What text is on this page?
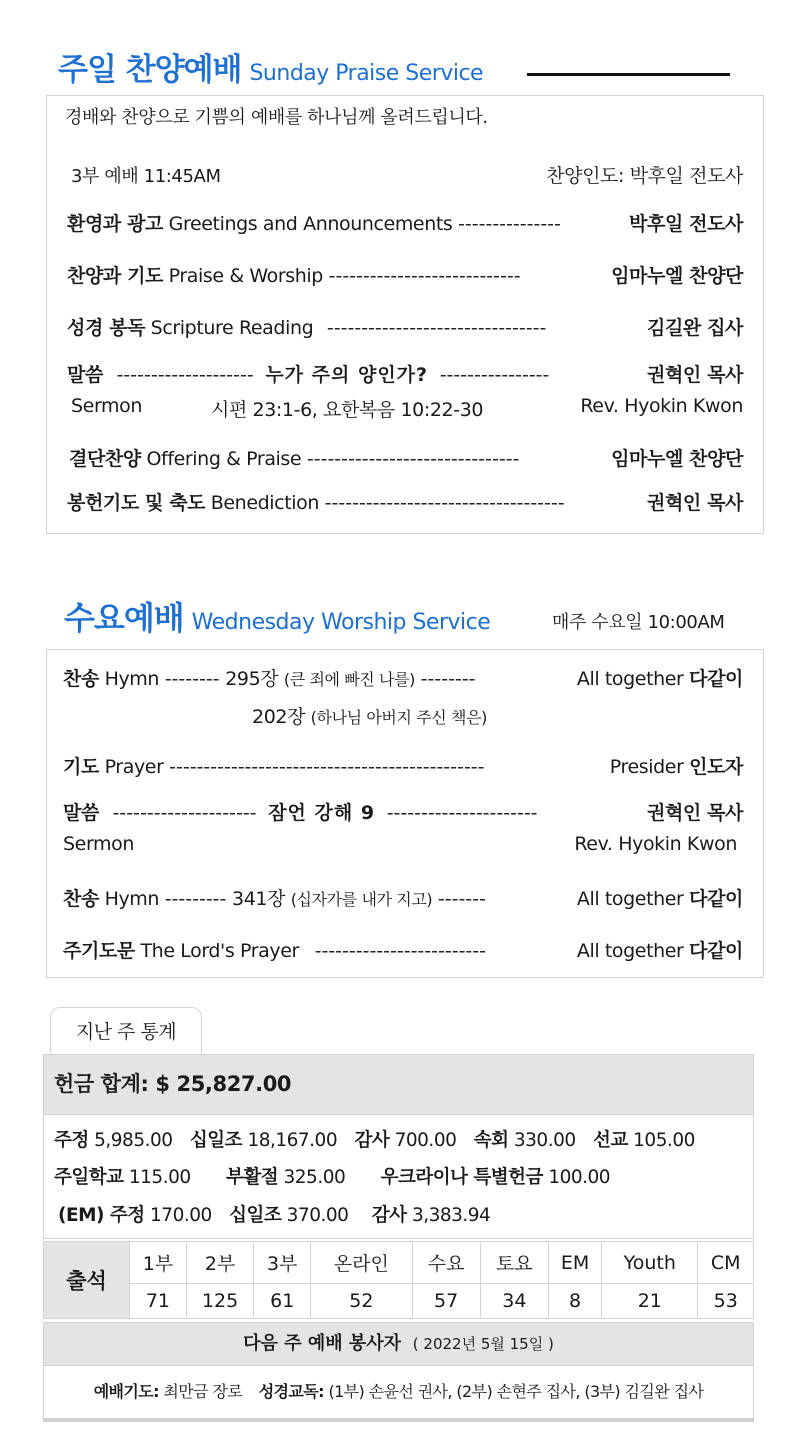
주일 찬양예배 Sunday Praise Service
경배와 찬양으로 기쁨의 예배를 하나님께 올려드립니다.
3부 예배 11:45AM	찬양인도: 박후일 전도사
환영과 광고 Greetings and Announcements ---------------	박후일 전도사
찬양과 기도 Praise & Worship ----------------------------	임마누엘 찬양단
성경 봉독 Scripture Reading --------------------------------	김길완 집사
말씀 -------------------- 누가 주의 양인가? ----------------	권혁인 목사
Sermon	시편 23:1-6, 요한복음 10:22-30	Rev. Hyokin Kwon
결단찬양 Offering & Praise -------------------------------	임마누엘 찬양단
봉헌기도 및 축도 Benediction -----------------------------------	권혁인 목사
수요예배 Wednesday Worship Service	매주 수요일 10:00AM
찬송 Hymn -------- 295장 (큰 죄에 빠진 나를) --------	All together 다같이
202장 (하나님 아버지 주신 책은)
기도 Prayer ----------------------------------------------	Presider 인도자
말씀 --------------------- 잠언 강해 9 ----------------------	권혁인 목사
Sermon	Rev. Hyokin Kwon
찬송 Hymn --------- 341장 (십자가를 내가 지고) -------	All together 다같이
주기도문 The Lord's Prayer -------------------------	All together 다같이
지난 주 통계
헌금 합계: $ 25,827.00
주정 5,985.00 십일조 18,167.00 감사 700.00 속회 330.00 선교 105.00
주일학교 115.00 부활절 325.00 우크라이나 특별헌금 100.00
(EM) 주정 170.00 십일조 370.00 감사 3,383.94
출석	1부	2부	3부	온라인	수요	토요	EM	Youth	CM
	71	125	61	52	57	34	8	21	53
다음 주 예배 봉사자 ( 2022년 5월 15일 )
예배기도: 최만금 장로 성경교독: (1부) 손윤선 권사, (2부) 손현주 집사, (3부) 김길완 집사
